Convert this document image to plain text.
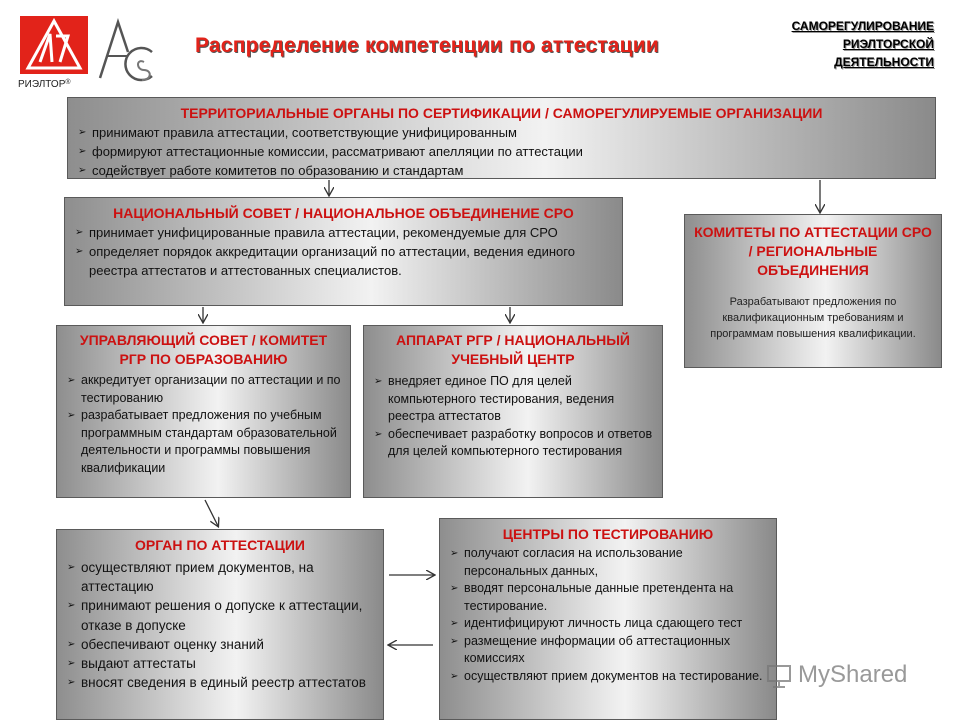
РИЭЛТОР®
Распределение компетенции по аттестации
САМОРЕГУЛИРОВАНИЕ
РИЭЛТОРСКОЙ
ДЕЯТЕЛЬНОСТИ
ТЕРРИТОРИАЛЬНЫЕ ОРГАНЫ ПО СЕРТИФИКАЦИИ / САМОРЕГУЛИРУЕМЫЕ ОРГАНИЗАЦИИ
➢ принимают правила аттестации, соответствующие унифицированным
➢ формируют аттестационные комиссии, рассматривают апелляции по аттестации
➢ содействует работе комитетов по образованию и стандартам
НАЦИОНАЛЬНЫЙ СОВЕТ / НАЦИОНАЛЬНОЕ ОБЪЕДИНЕНИЕ СРО
➢ принимает унифицированные правила аттестации, рекомендуемые для СРО
➢ определяет порядок аккредитации организаций по аттестации, ведения единого реестра аттестатов и аттестованных специалистов.
КОМИТЕТЫ ПО АТТЕСТАЦИИ СРО / РЕГИОНАЛЬНЫЕ ОБЪЕДИНЕНИЯ
Разрабатывают предложения по квалификационным требованиям и программам повышения квалификации.
УПРАВЛЯЮЩИЙ СОВЕТ / КОМИТЕТ РГР ПО ОБРАЗОВАНИЮ
➢ аккредитует организации по аттестации и по тестированию
➢ разрабатывает предложения по учебным программным стандартам образовательной деятельности и программы повышения квалификации
АППАРАТ РГР / НАЦИОНАЛЬНЫЙ УЧЕБНЫЙ ЦЕНТР
➢ внедряет единое ПО для целей компьютерного тестирования, ведения реестра аттестатов
➢ обеспечивает разработку вопросов и ответов для целей компьютерного тестирования
ОРГАН ПО АТТЕСТАЦИИ
➢ осуществляют прием документов, на аттестацию
➢ принимают решения о допуске к аттестации, отказе в допуске
➢ обеспечивают оценку знаний
➢ выдают аттестаты
➢ вносят сведения в единый реестр аттестатов
ЦЕНТРЫ ПО ТЕСТИРОВАНИЮ
➢ получают согласия на использование персональных данных,
➢ вводят персональные данные претендента на тестирование.
➢ идентифицируют личность лица сдающего тест
➢ размещение информации об аттестационных комиссиях
➢ осуществляют прием документов на тестирование. MyShared
